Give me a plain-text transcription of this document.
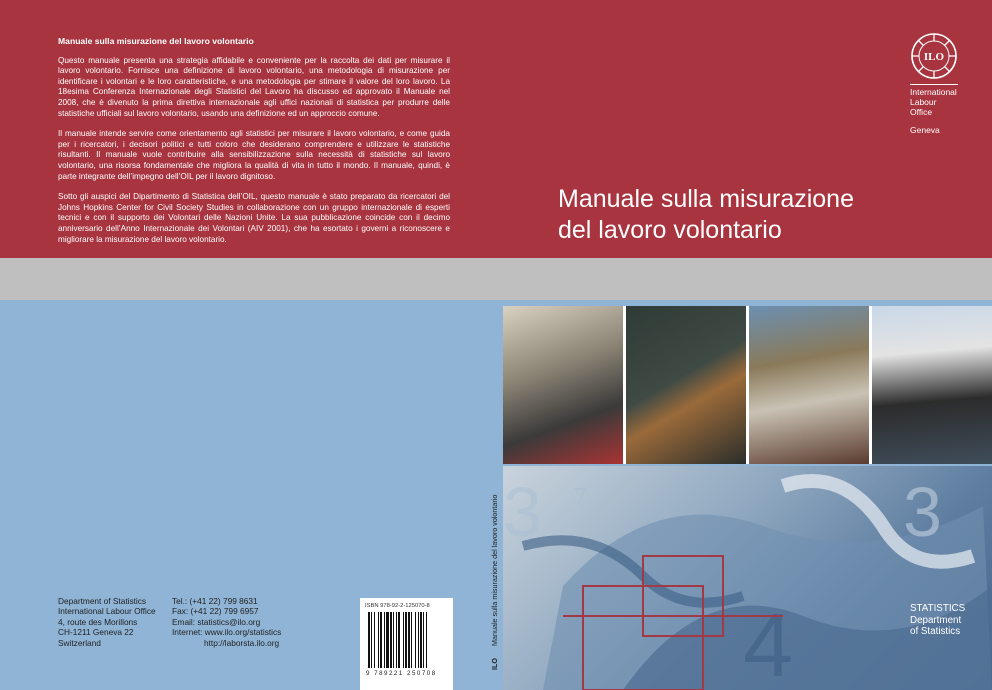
Manuale sulla misurazione del lavoro volontario

Questo manuale presenta una strategia affidabile e conveniente per la raccolta dei dati per misurare il lavoro volontario. Fornisce una definizione di lavoro volontario, una metodologia di misurazione per identificare i volontari e le loro caratteristiche, e una metodologia per stimare il valore del loro lavoro. La 18esima Conferenza Internazionale degli Statistici del Lavoro ha discusso ed approvato il Manuale nel 2008, che è divenuto la prima direttiva internazionale agli uffici nazionali di statistica per produrre delle statistiche ufficiali sul lavoro volontario, usando una definizione ed un approccio comune.

Il manuale intende servire come orientamento agli statistici per misurare il lavoro volontario, e come guida per i ricercatori, i decisori politici e tutti coloro che desiderano comprendere e utilizzare le statistiche risultanti. Il manuale vuole contribuire alla sensibilizzazione sulla necessità di statistiche sul lavoro volontario, una risorsa fondamentale che migliora la qualità di vita in tutto il mondo. Il manuale, quindi, è parte integrante dell’impegno dell’OIL per il lavoro dignitoso.

Sotto gli auspici del Dipartimento di Statistica dell’OIL, questo manuale è stato preparato da ricercatori del Johns Hopkins Center for Civil Society Studies in collaborazione con un gruppo internazionale di esperti tecnici e con il supporto dei Volontari delle Nazioni Unite. La sua pubblicazione coincide con il decimo anniversario dell’Anno Internazionale dei Volontari (AIV 2001), che ha esortato i governi a riconoscere e migliorare la misurazione del lavoro volontario.

ILO
International
Labour
Office
Geneva
Manuale sulla misurazione
del lavoro volontario
3 7
4
3
Department of Statistics
International Labour Office
4, route des Morillons
CH-1211 Geneva 22
Switzerland
Tel.: (+41 22) 799 8631
Fax: (+41 22) 799 6957
Email: statistics@ilo.org
Internet: www.ilo.org/statistics
http://laborsta.ilo.org
ISBN 978-92-2-125070-8
9 789221 250708
ILOManuale sulla misurazione del lavoro volontario	STATISTICS
Department
of Statistics
